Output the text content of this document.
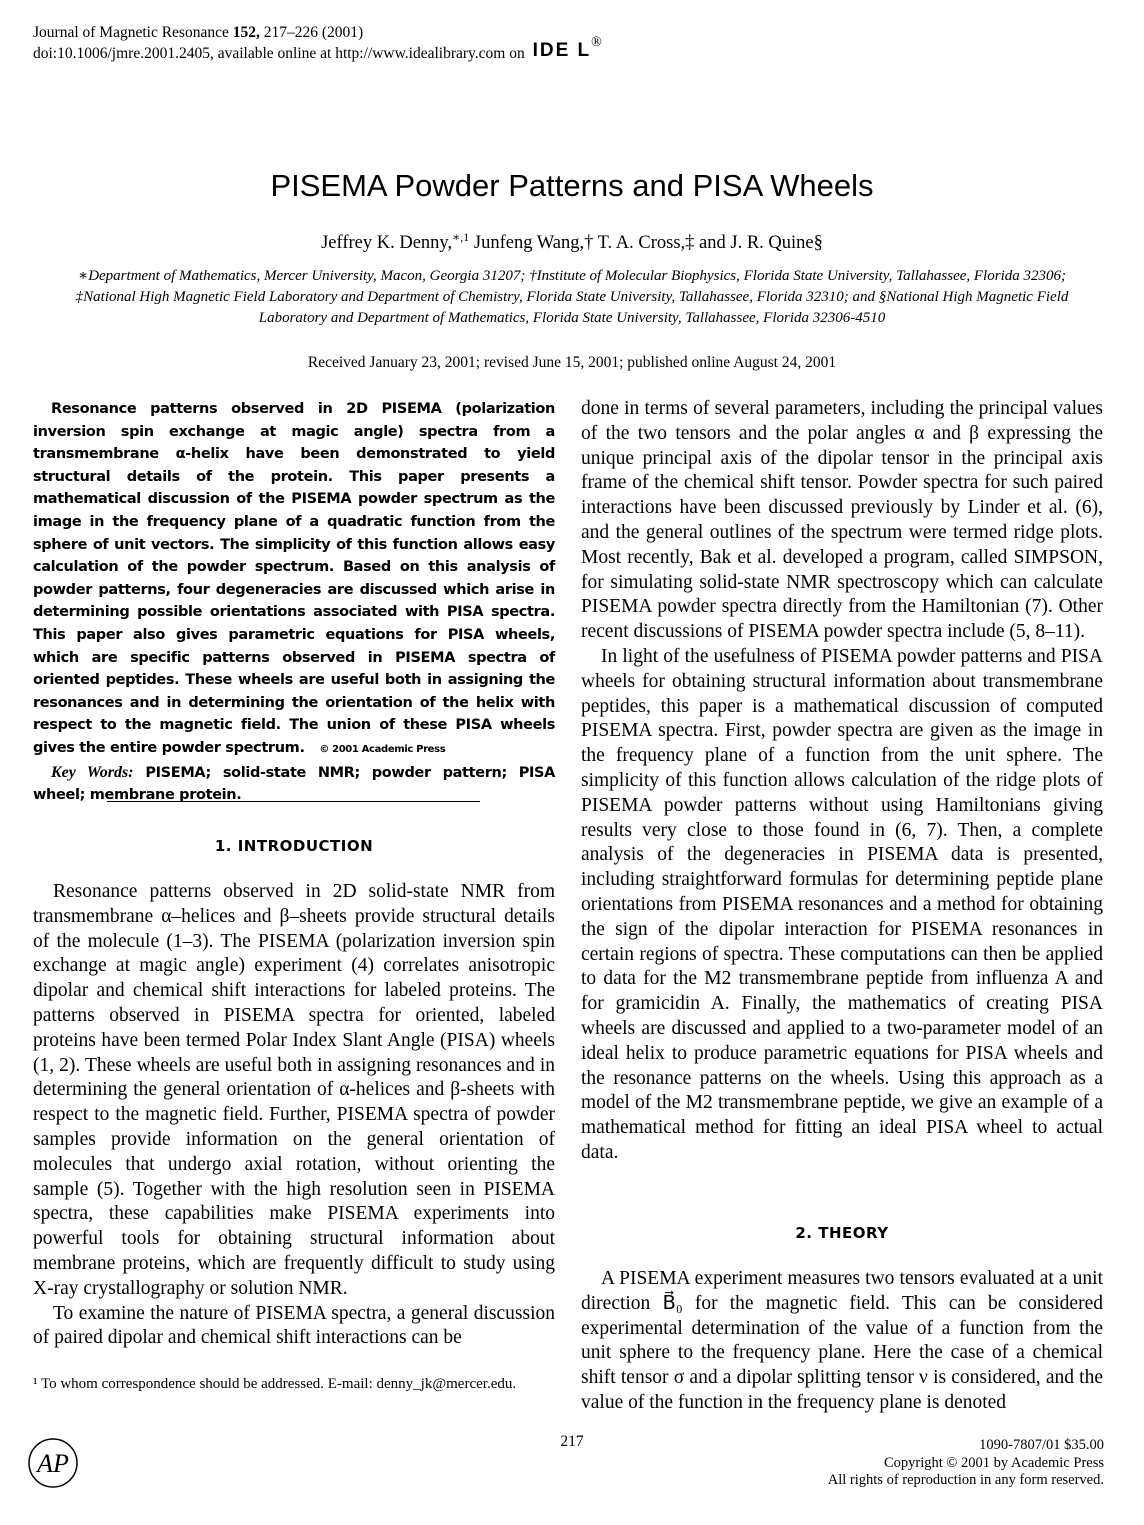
Journal of Magnetic Resonance 152, 217–226 (2001)
doi:10.1006/jmre.2001.2405, available online at http://www.idealibrary.com on IDE L®
PISEMA Powder Patterns and PISA Wheels
Jeffrey K. Denny,$^{∗,1}$ Junfeng Wang,† T. A. Cross,‡ and J. R. Quine§
∗Department of Mathematics, Mercer University, Macon, Georgia 31207; †Institute of Molecular Biophysics, Florida State University, Tallahassee, Florida 32306; ‡National High Magnetic Field Laboratory and Department of Chemistry, Florida State University, Tallahassee, Florida 32310; and §National High Magnetic Field Laboratory and Department of Mathematics, Florida State University, Tallahassee, Florida 32306-4510
Received January 23, 2001; revised June 15, 2001; published online August 24, 2001

Resonance patterns observed in 2D PISEMA (polarization inversion spin exchange at magic angle) spectra from a transmembrane α-helix have been demonstrated to yield structural details of the protein. This paper presents a mathematical discussion of the PISEMA powder spectrum as the image in the frequency plane of a quadratic function from the sphere of unit vectors. The simplicity of this function allows easy calculation of the powder spectrum. Based on this analysis of powder patterns, four degeneracies are discussed which arise in determining possible orientations associated with PISA spectra. This paper also gives parametric equations for PISA wheels, which are specific patterns observed in PISEMA spectra of oriented peptides. These wheels are useful both in assigning the resonances and in determining the orientation of the helix with respect to the magnetic field. The union of these PISA wheels gives the entire powder spectrum. © 2001 Academic Press

Key Words: PISEMA; solid-state NMR; powder pattern; PISA wheel; membrane protein.

1. INTRODUCTION

Resonance patterns observed in 2D solid-state NMR from transmembrane α–helices and β–sheets provide structural details of the molecule (1–3). The PISEMA (polarization inversion spin exchange at magic angle) experiment (4) correlates anisotropic dipolar and chemical shift interactions for labeled proteins. The patterns observed in PISEMA spectra for oriented, labeled proteins have been termed Polar Index Slant Angle (PISA) wheels (1, 2). These wheels are useful both in assigning resonances and in determining the general orientation of α-helices and β-sheets with respect to the magnetic field. Further, PISEMA spectra of powder samples provide information on the general orientation of molecules that undergo axial rotation, without orienting the sample (5). Together with the high resolution seen in PISEMA spectra, these capabilities make PISEMA experiments into powerful tools for obtaining structural information about membrane proteins, which are frequently difficult to study using X-ray crystallography or solution NMR.

To examine the nature of PISEMA spectra, a general discussion of paired dipolar and chemical shift interactions can be

¹ To whom correspondence should be addressed. E-mail: denny_jk@mercer.edu.

done in terms of several parameters, including the principal values of the two tensors and the polar angles α and β expressing the unique principal axis of the dipolar tensor in the principal axis frame of the chemical shift tensor. Powder spectra for such paired interactions have been discussed previously by Linder et al. (6), and the general outlines of the spectrum were termed ridge plots. Most recently, Bak et al. developed a program, called SIMPSON, for simulating solid-state NMR spectroscopy which can calculate PISEMA powder spectra directly from the Hamiltonian (7). Other recent discussions of PISEMA powder spectra include (5, 8–11).

In light of the usefulness of PISEMA powder patterns and PISA wheels for obtaining structural information about transmembrane peptides, this paper is a mathematical discussion of computed PISEMA spectra. First, powder spectra are given as the image in the frequency plane of a function from the unit sphere. The simplicity of this function allows calculation of the ridge plots of PISEMA powder patterns without using Hamiltonians giving results very close to those found in (6, 7). Then, a complete analysis of the degeneracies in PISEMA data is presented, including straightforward formulas for determining peptide plane orientations from PISEMA resonances and a method for obtaining the sign of the dipolar interaction for PISEMA resonances in certain regions of spectra. These computations can then be applied to data for the M2 transmembrane peptide from influenza A and for gramicidin A. Finally, the mathematics of creating PISA wheels are discussed and applied to a two-parameter model of an ideal helix to produce parametric equations for PISA wheels and the resonance patterns on the wheels. Using this approach as a model of the M2 transmembrane peptide, we give an example of a mathematical method for fitting an ideal PISA wheel to actual data.

2. THEORY

A PISEMA experiment measures two tensors evaluated at a unit direction B⃗₀ for the magnetic field. This can be considered experimental determination of the value of a function from the unit sphere to the frequency plane. Here the case of a chemical shift tensor σ and a dipolar splitting tensor ν is considered, and the value of the function in the frequency plane is denoted

AP
217	1090-7807/01 $35.00
Copyright © 2001 by Academic Press
All rights of reproduction in any form reserved.
